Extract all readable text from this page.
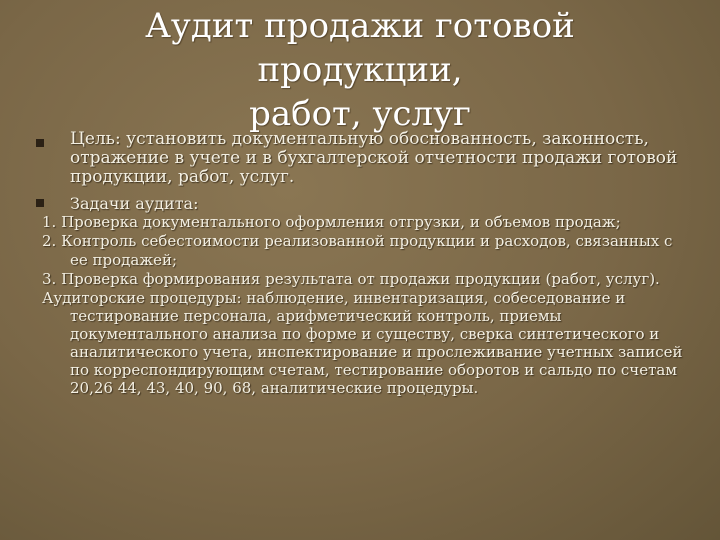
Аудит продажи готовой продукции,
работ, услуг
Цель: установить документальную обоснованность, законность, отражение в учете и в бухгалтерской отчетности продажи готовой продукции, работ, услуг.
Задачи аудита:
1. Проверка документального оформления отгрузки, и объемов продаж;
2. Контроль себестоимости реализованной продукции и расходов, связанных с ее продажей;
3. Проверка формирования результата от продажи продукции (работ, услуг).
Аудиторские процедуры: наблюдение, инвентаризация, собеседование и тестирование персонала, арифметический контроль, приемы документального анализа по форме и существу, сверка синтетического и аналитического учета, инспектирование и прослеживание учетных записей по корреспондирующим счетам, тестирование оборотов и сальдо по счетам 20,26 44, 43, 40, 90, 68, аналитические процедуры.
